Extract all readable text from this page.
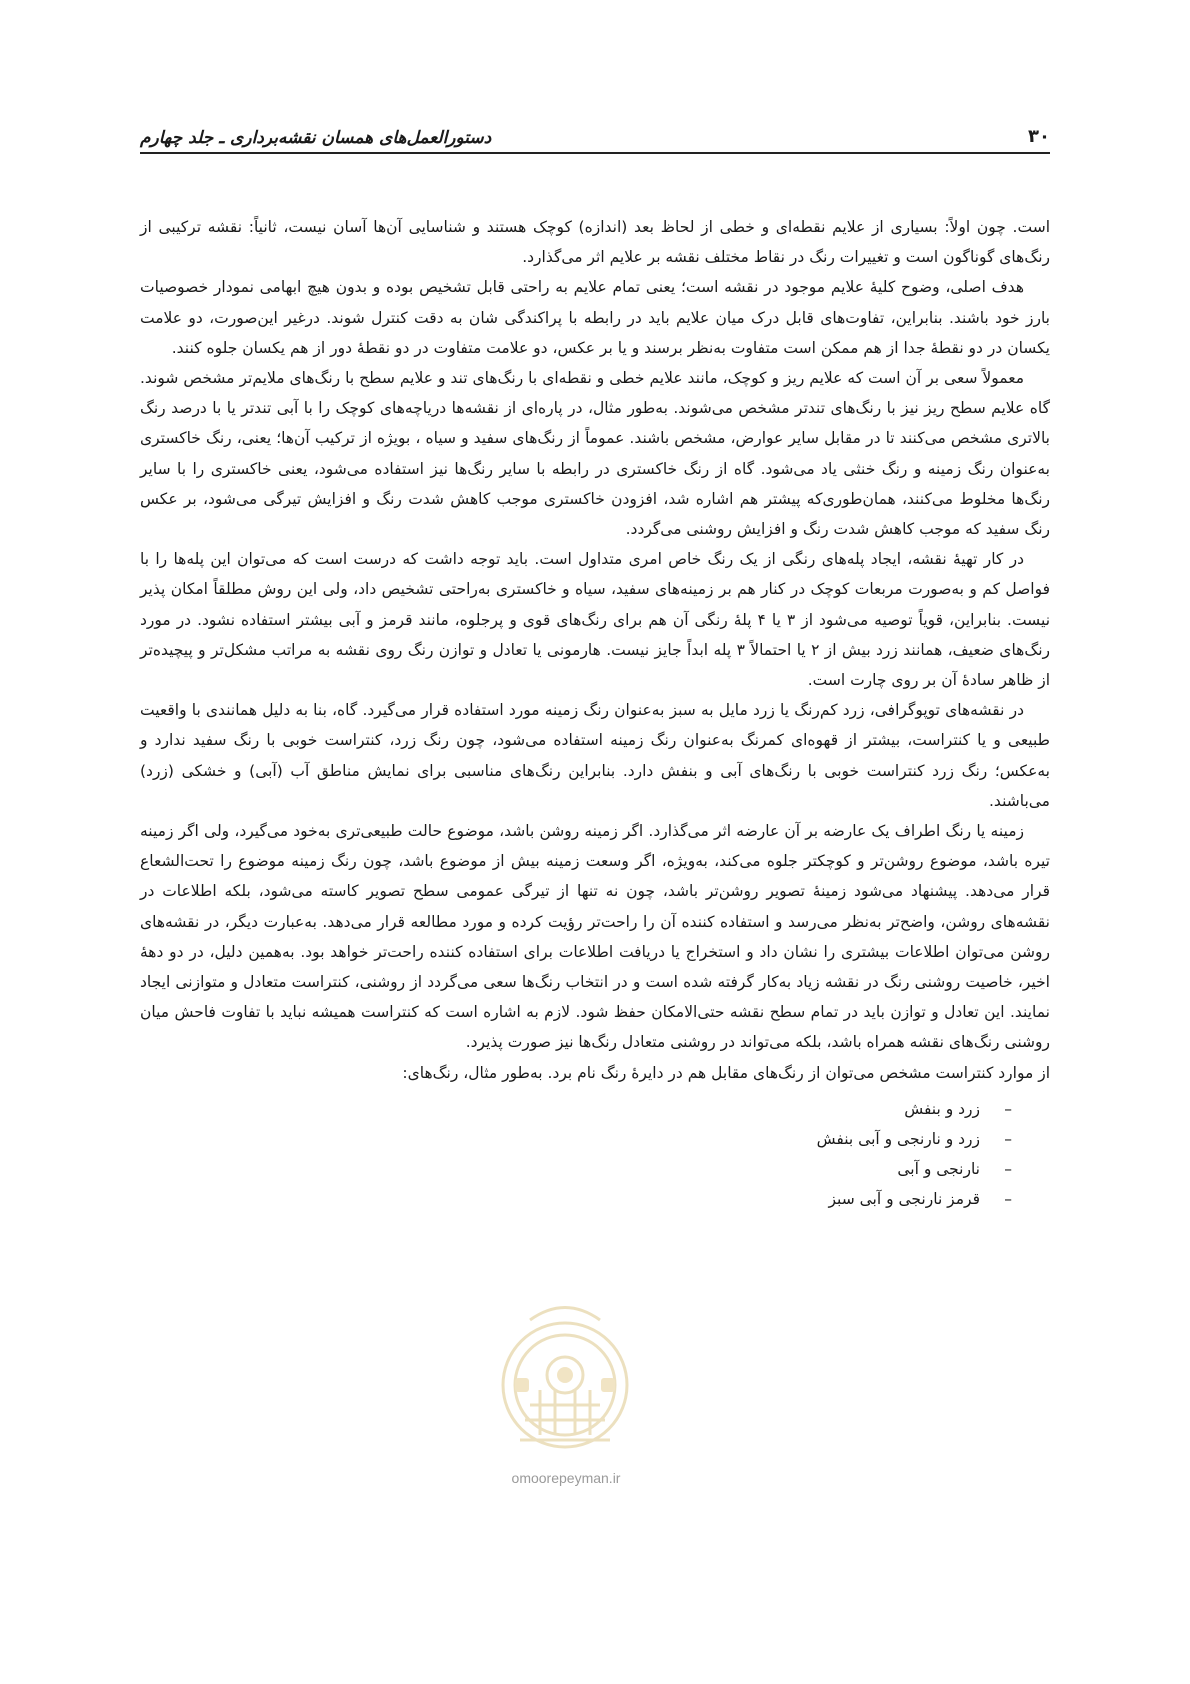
۳۰
دستورالعمل‌های همسان نقشه‌برداری ـ جلد چهارم

است. چون اولاً: بسیاری از علایم نقطه‌ای و خطی از لحاظ بعد (اندازه) کوچک هستند و شناسایی آن‌ها آسان نیست، ثانیاً: نقشه ترکیبی از رنگ‌های گوناگون است و تغییرات رنگ در نقاط مختلف نقشه بر علایم اثر می‌گذارد.

هدف اصلی، وضوح کلیهٔ علایم موجود در نقشه است؛ یعنی تمام علایم به راحتی قابل تشخیص بوده و بدون هیچ ابهامی نمودار خصوصیات بارز خود باشند. بنابراین، تفاوت‌های قابل درک میان علایم باید در رابطه با پراکندگی شان به دقت کنترل شوند. درغیر این‌صورت، دو علامت یکسان در دو نقطهٔ جدا از هم ممکن است متفاوت به‌نظر برسند و یا بر عکس، دو علامت متفاوت در دو نقطهٔ دور از هم یکسان جلوه کنند.

معمولاً سعی بر آن است که علایم ریز و کوچک، مانند علایم خطی و نقطه‌ای با رنگ‌های تند و علایم سطح با رنگ‌های ملایم‌تر مشخص شوند. گاه علایم سطح ریز نیز با رنگ‌های تندتر مشخص می‌شوند. به‌طور مثال، در پاره‌ای از نقشه‌ها دریاچه‌های کوچک را با آبی تندتر یا با درصد رنگ بالاتری مشخص می‌کنند تا در مقابل سایر عوارض، مشخص باشند. عموماً از رنگ‌های سفید و سیاه ، بویژه از ترکیب آن‌ها؛ یعنی، رنگ خاکستری به‌عنوان رنگ زمینه و رنگ خنثی یاد می‌شود. گاه از رنگ خاکستری در رابطه با سایر رنگ‌ها نیز استفاده می‌شود، یعنی خاکستری را با سایر رنگ‌ها مخلوط می‌کنند، همان‌طوری‌که پیشتر هم اشاره شد، افزودن خاکستری موجب کاهش شدت رنگ و افزایش تیرگی می‌شود، بر عکس رنگ سفید که موجب کاهش شدت رنگ و افزایش روشنی می‌گردد.

در کار تهیهٔ نقشه، ایجاد پله‌های رنگی از یک رنگ خاص امری متداول است. باید توجه داشت که درست است که می‌توان این پله‌ها را با فواصل کم و به‌صورت مربعات کوچک در کنار هم بر زمینه‌های سفید، سیاه و خاکستری به‌راحتی تشخیص داد، ولی این روش مطلقاً امکان پذیر نیست. بنابراین، قویاً توصیه می‌شود از ۳ یا ۴ پلهٔ رنگی آن هم برای رنگ‌های قوی و پرجلوه، مانند قرمز و آبی بیشتر استفاده نشود. در مورد رنگ‌های ضعیف، همانند زرد بیش از ۲ یا احتمالاً ۳ پله ابداً جایز نیست. هارمونی یا تعادل و توازن رنگ روی نقشه به مراتب مشکل‌تر و پیچیده‌تر از ظاهر سادهٔ آن بر روی چارت است.

در نقشه‌های توپوگرافی، زرد کم‌رنگ یا زرد مایل به سبز به‌عنوان رنگ زمینه مورد استفاده قرار می‌گیرد. گاه، بنا به دلیل همانندی با واقعیت طبیعی و یا کنتراست، بیشتر از قهوه‌ای کمرنگ به‌عنوان رنگ زمینه استفاده می‌شود، چون رنگ زرد، کنتراست خوبی با رنگ سفید ندارد و به‌عکس؛ رنگ زرد کنتراست خوبی با رنگ‌های آبی و بنفش دارد. بنابراین رنگ‌های مناسبی برای نمایش مناطق آب (آبی) و خشکی (زرد) می‌باشند.

زمینه یا رنگ اطراف یک عارضه بر آن عارضه اثر می‌گذارد. اگر زمینه روشن باشد، موضوع حالت طبیعی‌تری به‌خود می‌گیرد، ولی اگر زمینه تیره باشد، موضوع روشن‌تر و کوچکتر جلوه می‌کند، به‌ویژه، اگر وسعت زمینه بیش از موضوع باشد، چون رنگ زمینه موضوع را تحت‌الشعاع قرار می‌دهد. پیشنهاد می‌شود زمینهٔ تصویر روشن‌تر باشد، چون نه تنها از تیرگی عمومی سطح تصویر کاسته می‌شود، بلکه اطلاعات در نقشه‌های روشن، واضح‌تر به‌نظر می‌رسد و استفاده کننده آن را راحت‌تر رؤیت کرده و مورد مطالعه قرار می‌دهد. به‌عبارت دیگر، در نقشه‌های روشن می‌توان اطلاعات بیشتری را نشان داد و استخراج یا دریافت اطلاعات برای استفاده کننده راحت‌تر خواهد بود. به‌همین دلیل، در دو دههٔ اخیر، خاصیت روشنی رنگ در نقشه زیاد به‌کار گرفته شده است و در انتخاب رنگ‌ها سعی می‌گردد از روشنی، کنتراست متعادل و متوازنی ایجاد نمایند. این تعادل و توازن باید در تمام سطح نقشه حتی‌الامکان حفظ شود. لازم به اشاره است که کنتراست همیشه نباید با تفاوت فاحش میان روشنی رنگ‌های نقشه همراه باشد، بلکه می‌تواند در روشنی متعادل رنگ‌ها نیز صورت پذیرد.

از موارد کنتراست مشخص می‌توان از رنگ‌های مقابل هم در دایرهٔ رنگ نام برد. به‌طور مثال، رنگ‌های:

–
زرد و بنفش
–
زرد و نارنجی و آبی بنفش
–
نارنجی و آبی
–
قرمز نارنجی و آبی سبز
omoorepeyman.ir
